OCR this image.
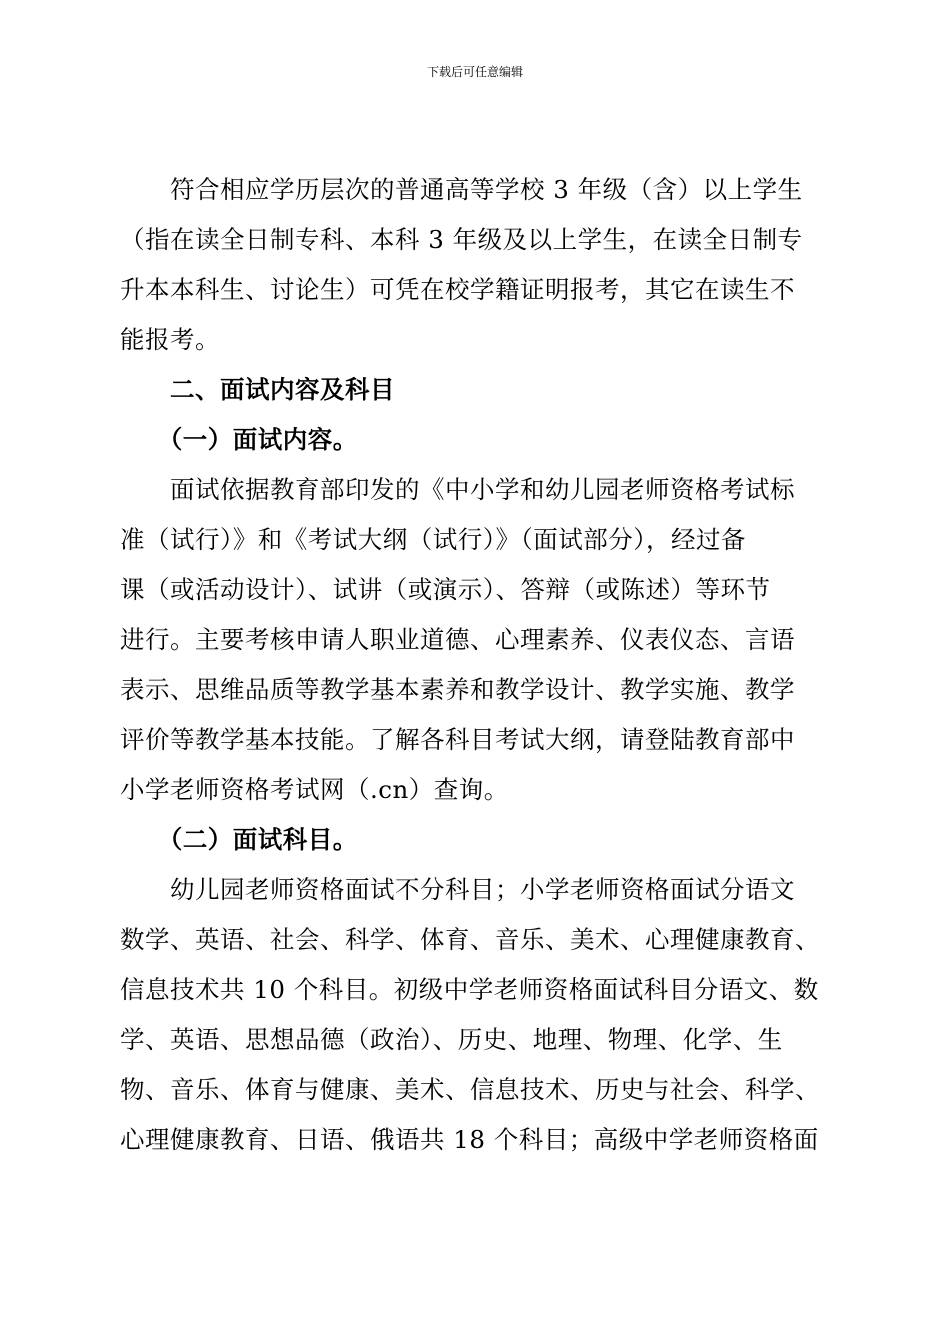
下载后可任意编辑
　　符合相应学历层次的普通高等学校 3 年级（含）以上学生
（指在读全日制专科、本科 3 年级及以上学生，在读全日制专
升本本科生、讨论生）可凭在校学籍证明报考，其它在读生不
能报考。
　　二、面试内容及科目
　　（一）面试内容。
　　面试依据教育部印发的《中小学和幼儿园老师资格考试标
准（试行）》和《考试大纲（试行）》（面试部分），经过备
课（或活动设计）、试讲（或演示）、答辩（或陈述）等环节
进行。主要考核申请人职业道德、心理素养、仪表仪态、言语
表示、思维品质等教学基本素养和教学设计、教学实施、教学
评价等教学基本技能。了解各科目考试大纲，请登陆教育部中
小学老师资格考试网（.cn）查询。
　　（二）面试科目。
　　幼儿园老师资格面试不分科目；小学老师资格面试分语文
数学、英语、社会、科学、体育、音乐、美术、心理健康教育、
信息技术共 10 个科目。初级中学老师资格面试科目分语文、数
学、英语、思想品德（政治）、历史、地理、物理、化学、生
物、音乐、体育与健康、美术、信息技术、历史与社会、科学、
心理健康教育、日语、俄语共 18 个科目；高级中学老师资格面
